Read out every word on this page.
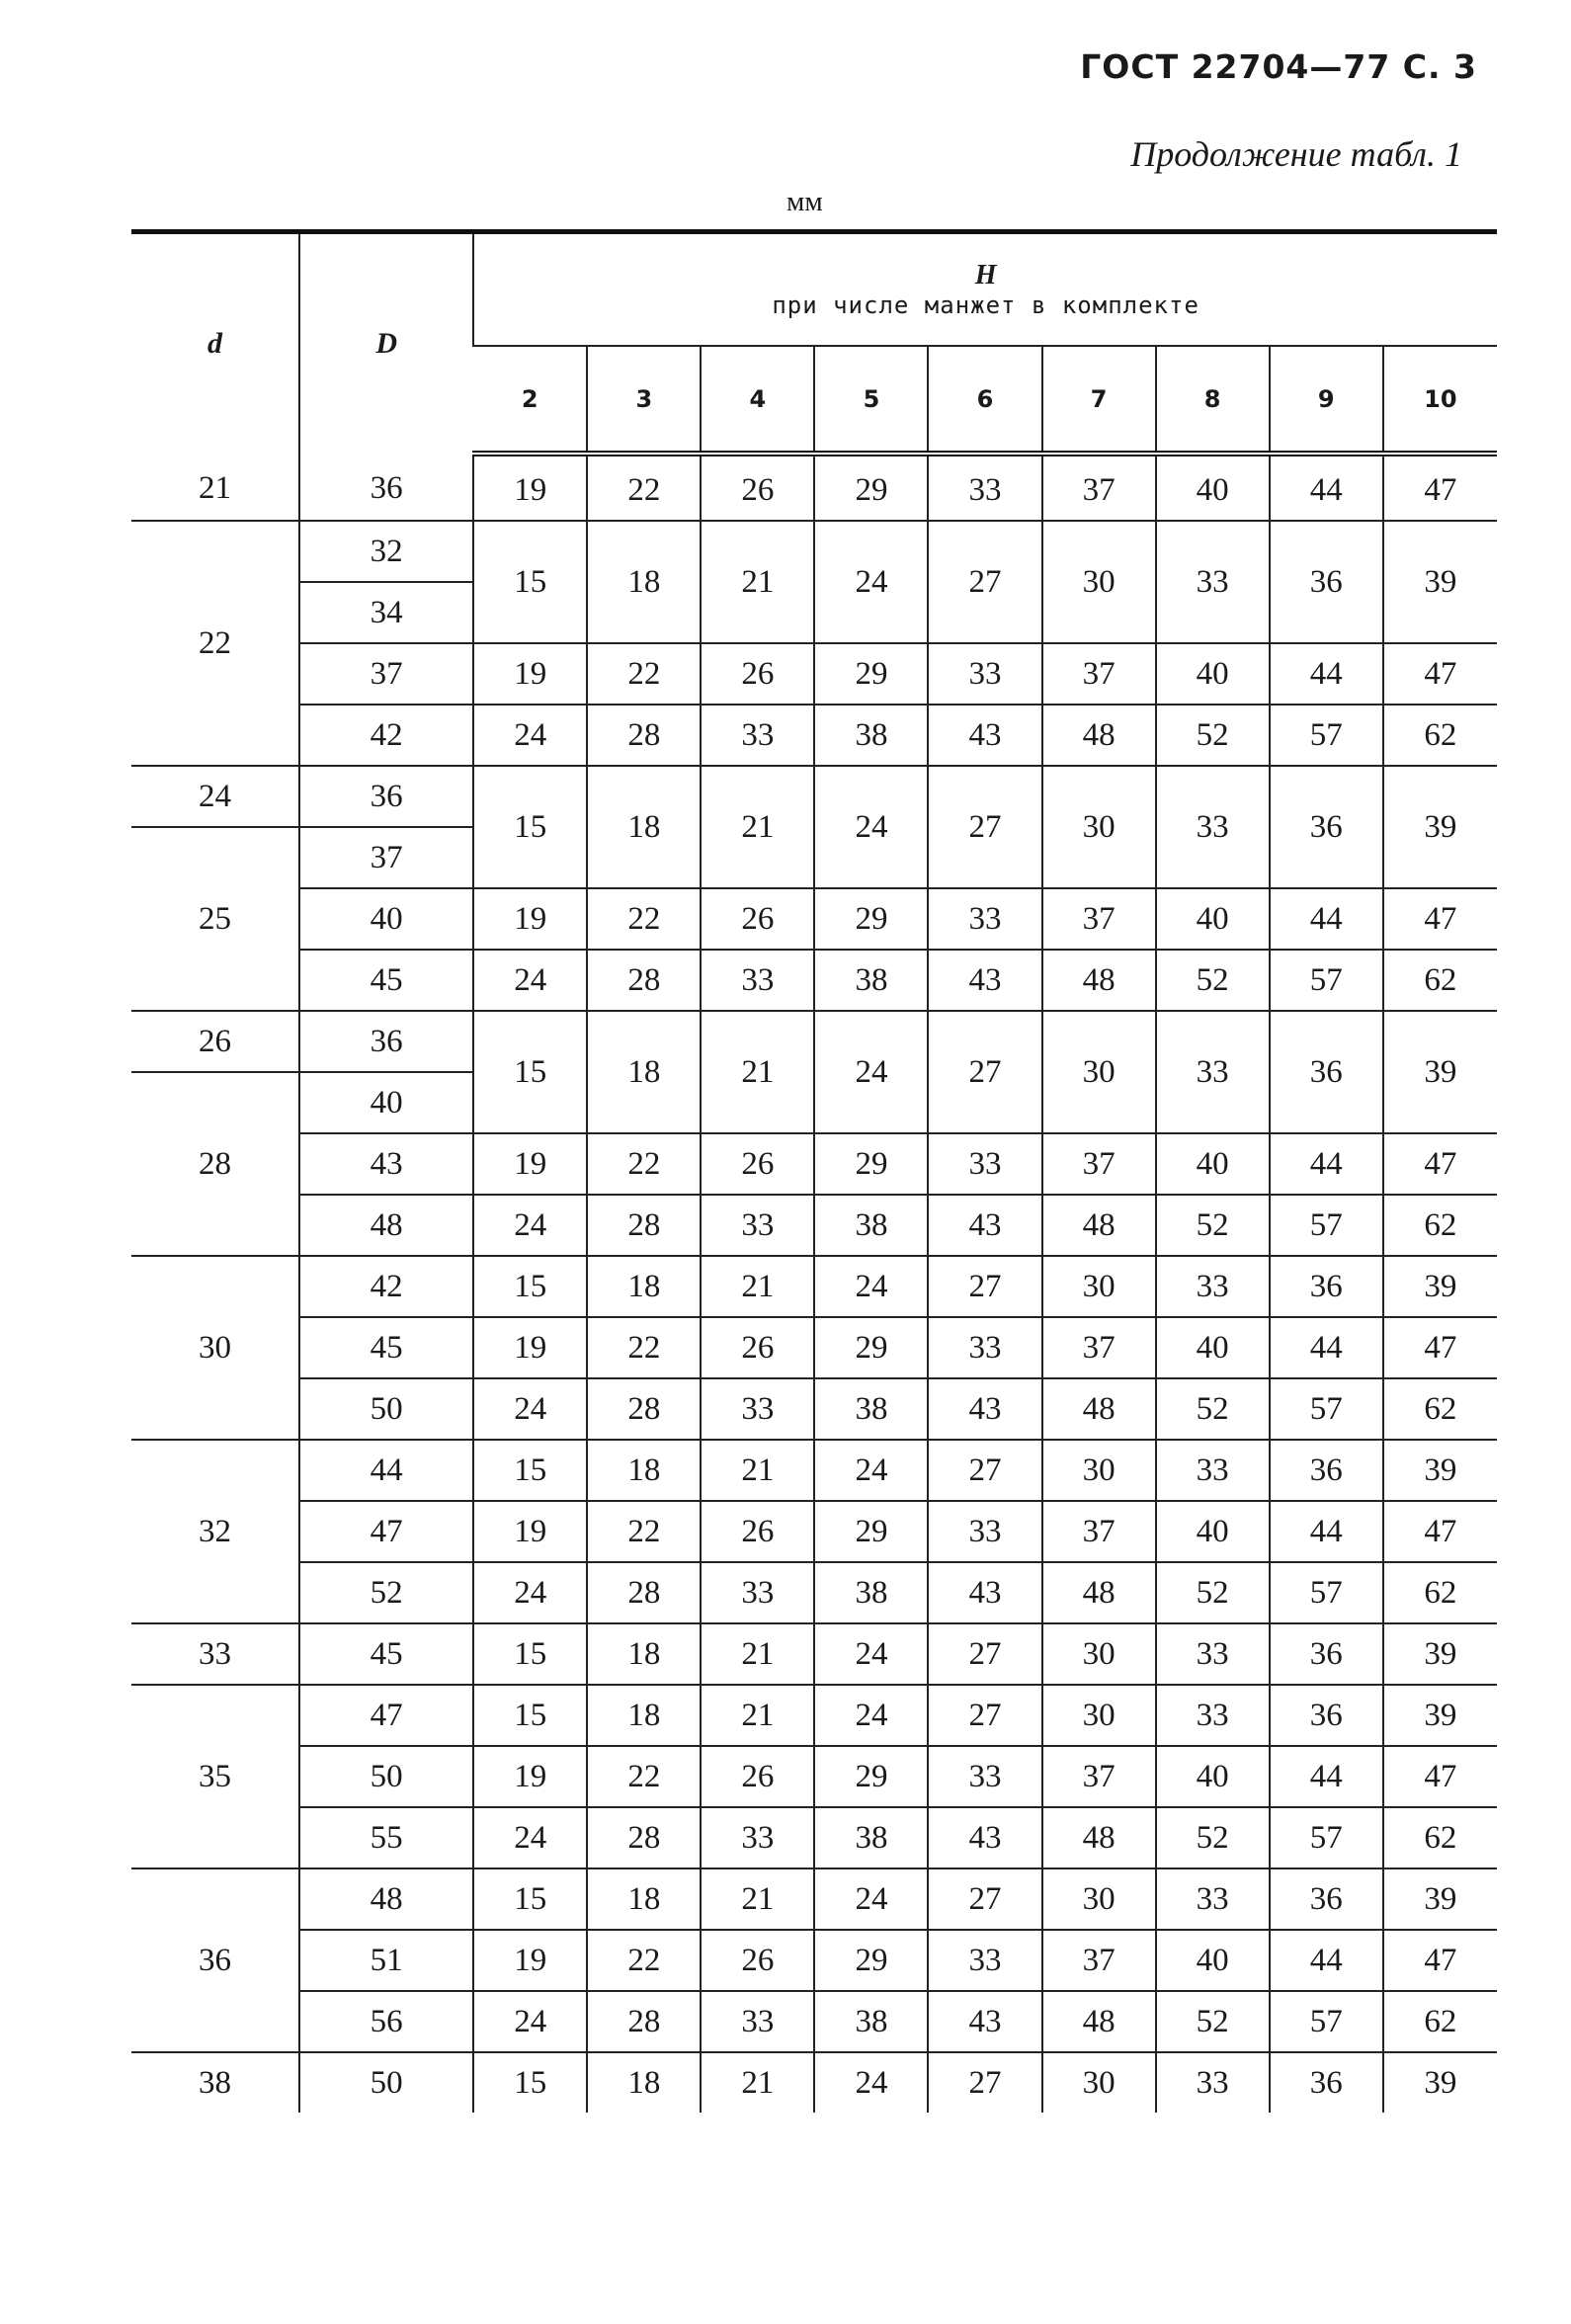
ГОСТ 22704—77 С. 3
Продолжение табл. 1
мм
d	D	H
при числе манжет в комплекте								

		2	3	4	5	6	7	8	9	10
21	36	19	22	26	29	33	37	40	44	47
22	32	15	18	21	24	27	30	33	36	39
	34									
	37	19	22	26	29	33	37	40	44	47
	42	24	28	33	38	43	48	52	57	62
24	36	15	18	21	24	27	30	33	36	39
25	37									
	40	19	22	26	29	33	37	40	44	47
	45	24	28	33	38	43	48	52	57	62
26	36	15	18	21	24	27	30	33	36	39
28	40									
	43	19	22	26	29	33	37	40	44	47
	48	24	28	33	38	43	48	52	57	62
30	42	15	18	21	24	27	30	33	36	39
	45	19	22	26	29	33	37	40	44	47
	50	24	28	33	38	43	48	52	57	62
32	44	15	18	21	24	27	30	33	36	39
	47	19	22	26	29	33	37	40	44	47
	52	24	28	33	38	43	48	52	57	62
33	45	15	18	21	24	27	30	33	36	39
35	47	15	18	21	24	27	30	33	36	39
	50	19	22	26	29	33	37	40	44	47
	55	24	28	33	38	43	48	52	57	62
36	48	15	18	21	24	27	30	33	36	39
	51	19	22	26	29	33	37	40	44	47
	56	24	28	33	38	43	48	52	57	62
38	50	15	18	21	24	27	30	33	36	39
